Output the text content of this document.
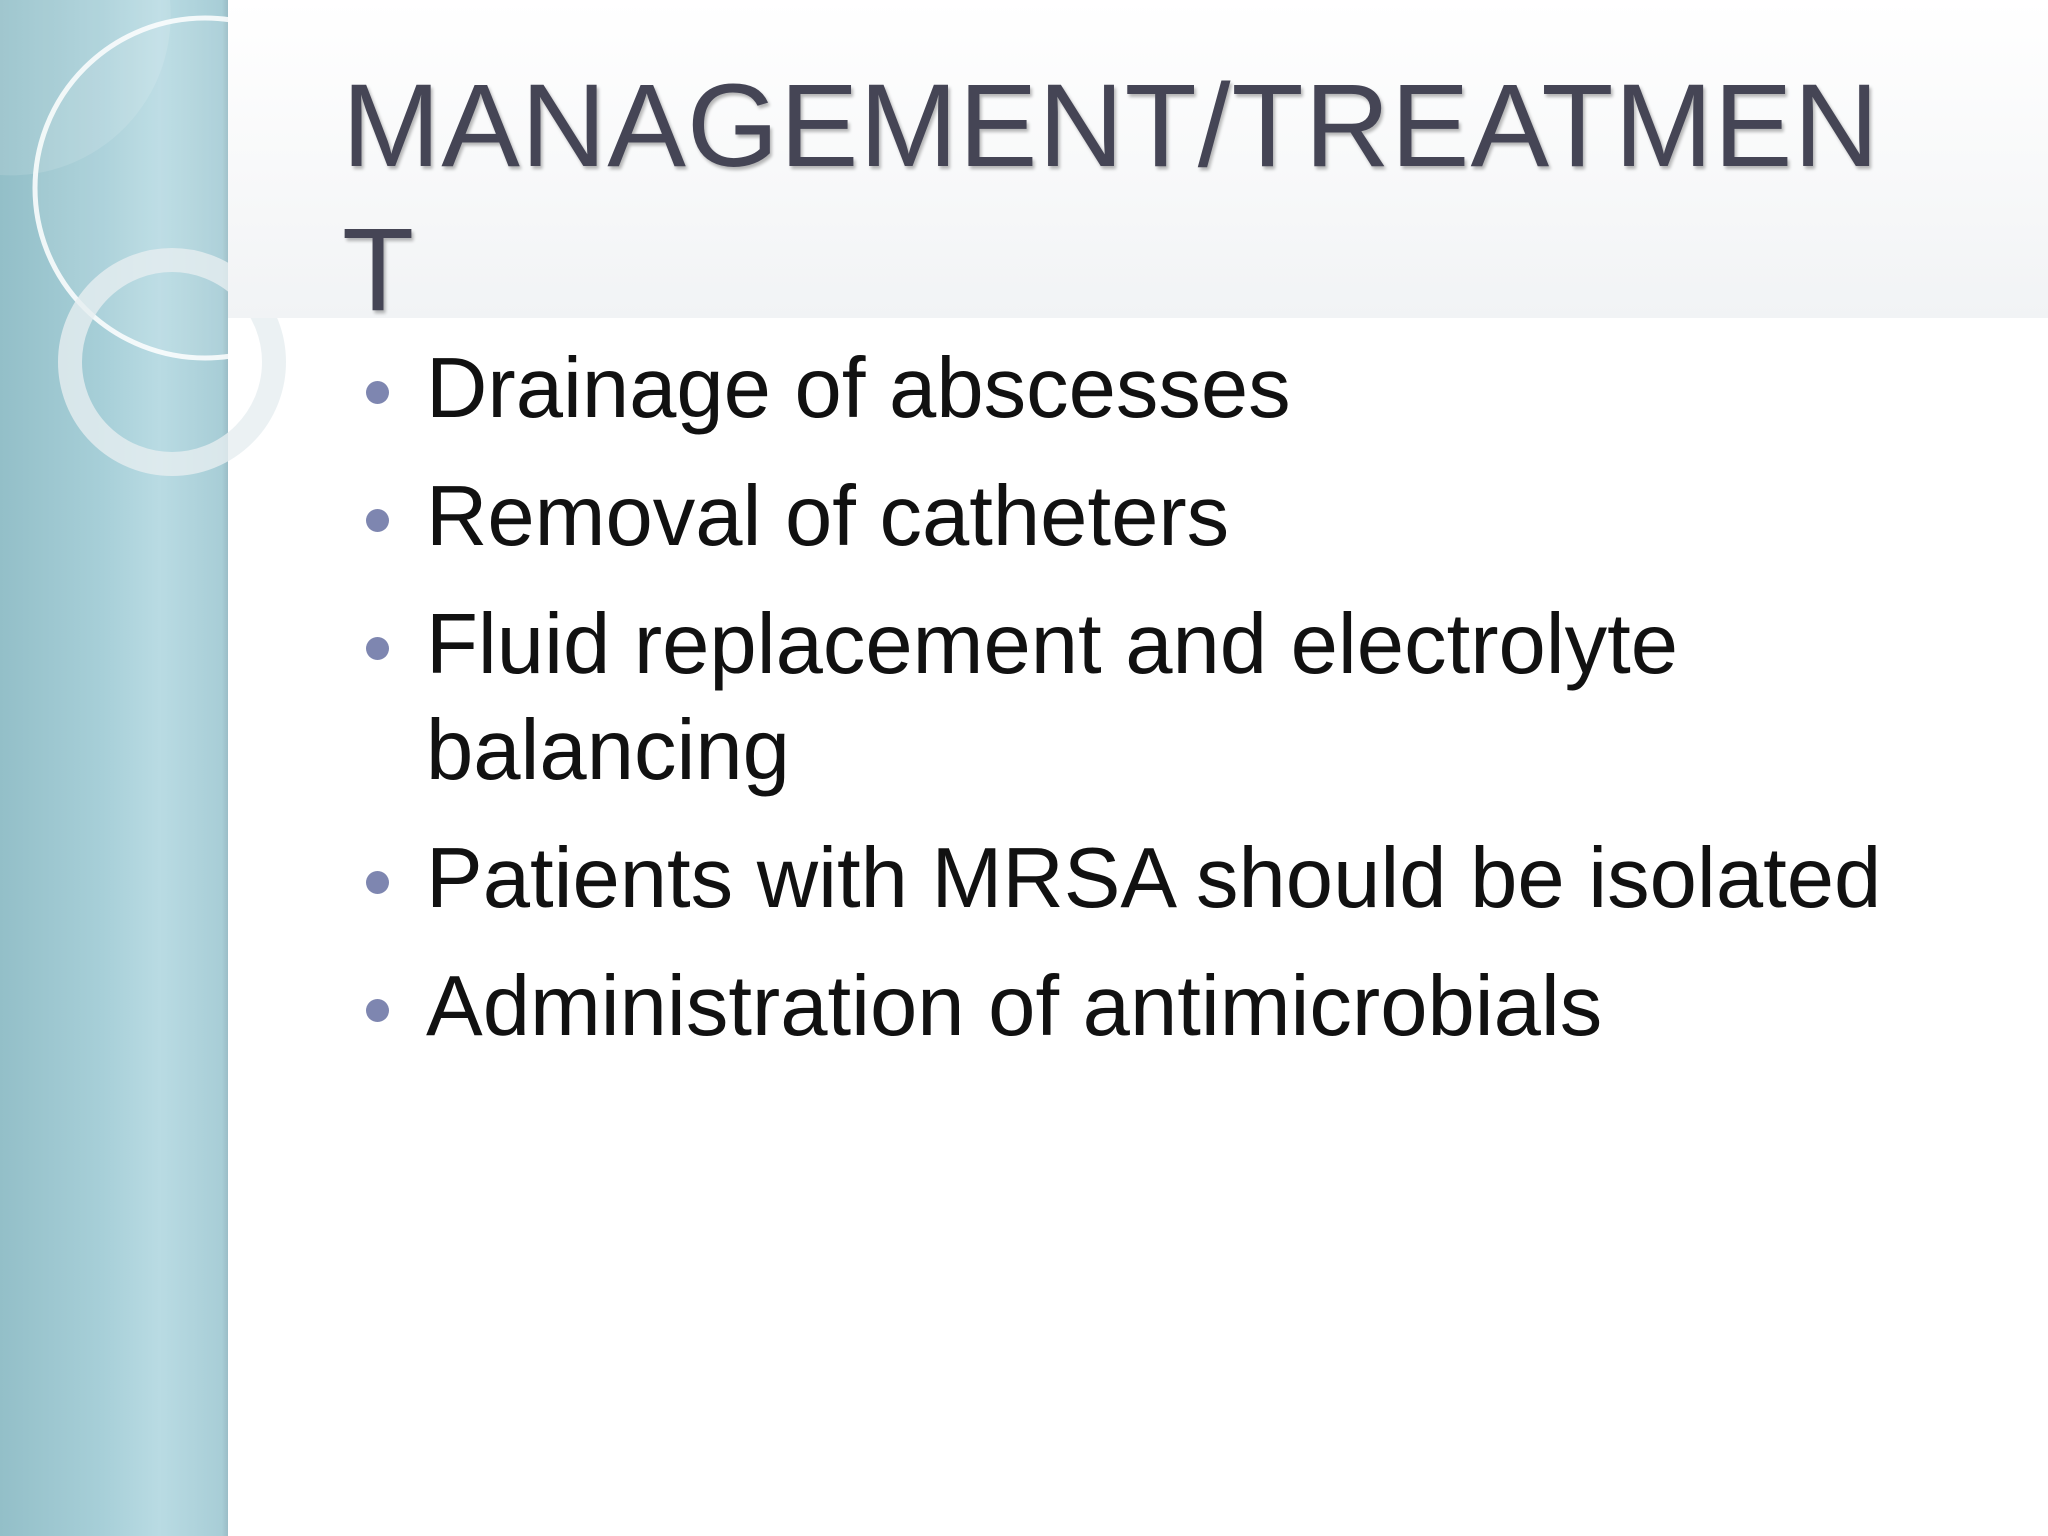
MANAGEMENT/TREATMENT
Drainage of abscesses
Removal of catheters
Fluid replacement and electrolyte balancing
Patients with MRSA should be isolated
Administration of antimicrobials
